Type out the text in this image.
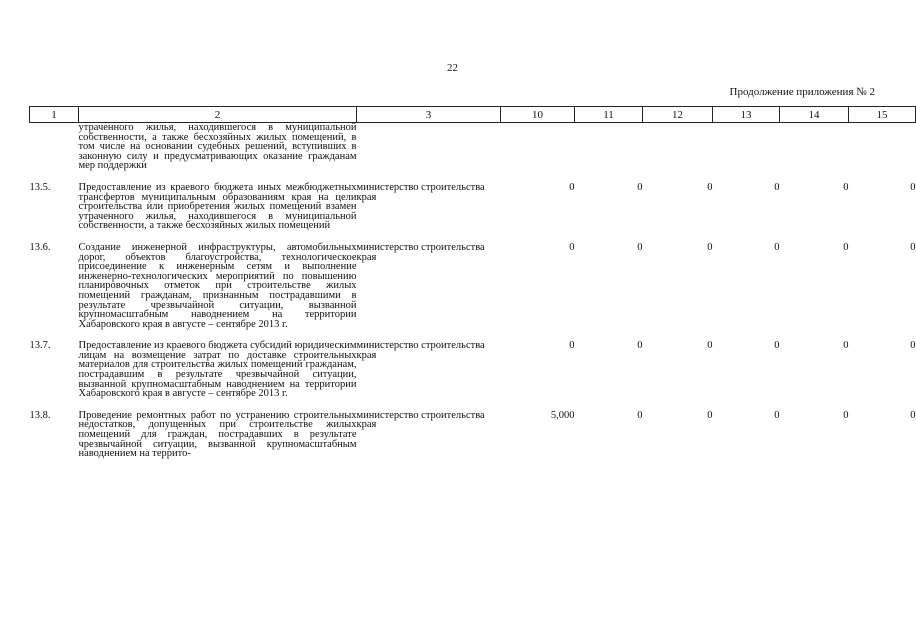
22
Продолжение приложения № 2
1	2	3	10	11	12	13	14	15
	утраченного жилья, находившегося в муниципальной собственности, а также бесхозяйных жилых помещений, в том числе на основании судебных решений, вступивших в законную силу и предусматривающих оказание гражданам мер поддержки							

13.5.	Предоставление из краевого бюджета иных межбюджетных трансфертов муниципальным образованиям края на цели строительства или приобретения жилых помещений взамен утраченного жилья, находившегося в муниципальной собственности, а также бесхозяйных жилых помещений	министерство строительства края	0	0	0	0	0	0

13.6.	Создание инженерной инфраструктуры, автомобильных дорог, объектов благоустройства, технологическое присоединение к инженерным сетям и выполнение инженерно-технологических мероприятий по повышению планировочных отметок при строительстве жилых помещений гражданам, признанным пострадавшими в результате чрезвычайной ситуации, вызванной крупномасштабным наводнением на территории Хабаровского края в августе – сентябре 2013 г.	министерство строительства края	0	0	0	0	0	0

13.7.	Предоставление из краевого бюджета субсидий юридическим лицам на возмещение затрат по доставке строительных материалов для строительства жилых помещений гражданам, пострадавшим в результате чрезвычайной ситуации, вызванной крупномасштабным наводнением на территории Хабаровского края в августе – сентябре 2013 г.	министерство строительства края	0	0	0	0	0	0

13.8.	Проведение ремонтных работ по устранению строительных недостатков, допущенных при строительстве жилых помещений для граждан, пострадавших в результате чрезвычайной ситуации, вызванной крупномасштабным наводнением на террито-	министерство строительства края	5,000	0	0	0	0	0
